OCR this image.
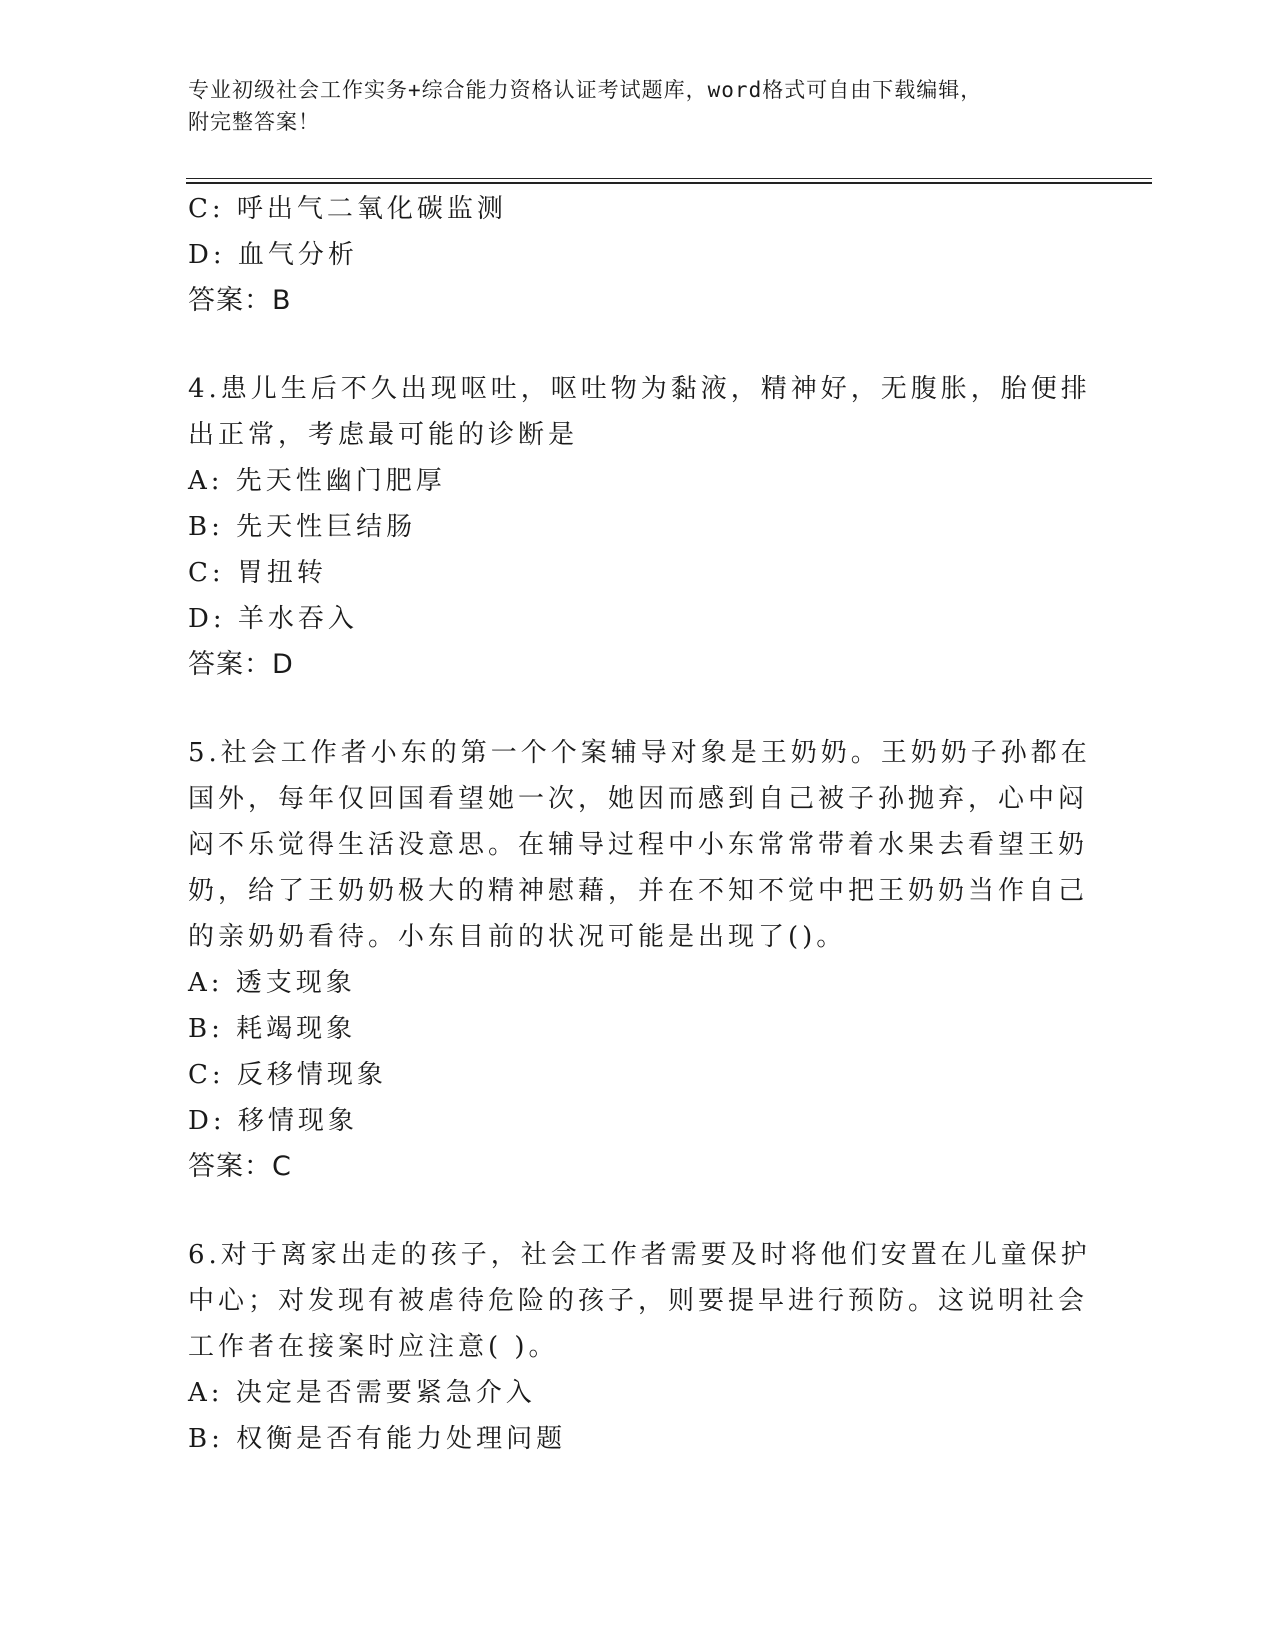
专业初级社会工作实务+综合能力资格认证考试题库，word格式可自由下载编辑，
附完整答案！
C: 呼出气二氧化碳监测
D: 血气分析
答案：B
4.患儿生后不久出现呕吐，呕吐物为黏液，精神好，无腹胀，胎便排
出正常，考虑最可能的诊断是
A: 先天性幽门肥厚
B: 先天性巨结肠
C: 胃扭转
D: 羊水吞入
答案：D
5.社会工作者小东的第一个个案辅导对象是王奶奶。王奶奶子孙都在
国外，每年仅回国看望她一次，她因而感到自己被子孙抛弃，心中闷
闷不乐觉得生活没意思。在辅导过程中小东常常带着水果去看望王奶
奶，给了王奶奶极大的精神慰藉，并在不知不觉中把王奶奶当作自己
的亲奶奶看待。小东目前的状况可能是出现了()。
A: 透支现象
B: 耗竭现象
C: 反移情现象
D: 移情现象
答案：C
6.对于离家出走的孩子，社会工作者需要及时将他们安置在儿童保护
中心；对发现有被虐待危险的孩子，则要提早进行预防。这说明社会
工作者在接案时应注意( )。
A: 决定是否需要紧急介入
B: 权衡是否有能力处理问题
